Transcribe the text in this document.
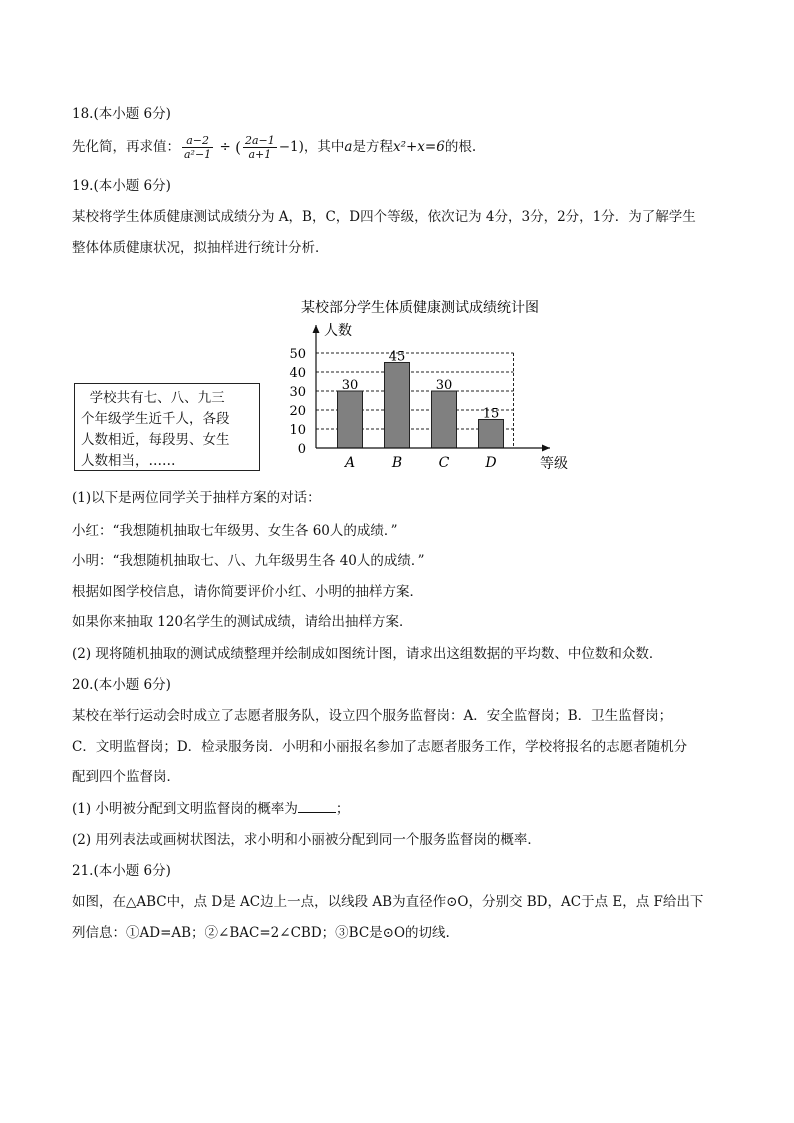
18.(本小题 6分)
先化简，再求值： $\frac{a-2}{\text{a²−1}}$ ÷ ( $\frac{2a-1}{a+1} -1$)，其中a是方程x²+x=6的根.
19.(本小题 6分)
某校将学生体质健康测试成绩分为 A，B，C，D四个等级，依次记为 4分，3分，2分，1分．为了解学生
整体体质健康状况，拟抽样进行统计分析．
学校共有七、八、九三
个年级学生近千人，各段
人数相近，每段男、女生
人数相当，……
某校部分学生体质健康测试成绩统计图
0
10
20
30
40
50
A	B	C	D
30
45
30
15
人数
等级
(1)以下是两位同学关于抽样方案的对话：
小红：“我想随机抽取七年级男、女生各 60人的成绩．”
小明：“我想随机抽取七、八、九年级男生各 40人的成绩．”
根据如图学校信息，请你简要评价小红、小明的抽样方案．
如果你来抽取 120名学生的测试成绩，请给出抽样方案．
(2) 现将随机抽取的测试成绩整理并绘制成如图统计图，请求出这组数据的平均数、中位数和众数．
20.(本小题 6分)
某校在举行运动会时成立了志愿者服务队，设立四个服务监督岗：A．安全监督岗；B．卫生监督岗；
C．文明监督岗；D．检录服务岗．小明和小丽报名参加了志愿者服务工作，学校将报名的志愿者随机分
配到四个监督岗．
(1) 小明被分配到文明监督岗的概率为	；
(2) 用列表法或画树状图法，求小明和小丽被分配到同一个服务监督岗的概率．
21.(本小题 6分)
如图，在△ABC中，点 D是 AC边上一点，以线段 AB为直径作⊙O，分别交 BD，AC于点 E，点 F给出下
列信息：①AD=AB；②∠BAC=2∠CBD；③BC是⊙O的切线.
